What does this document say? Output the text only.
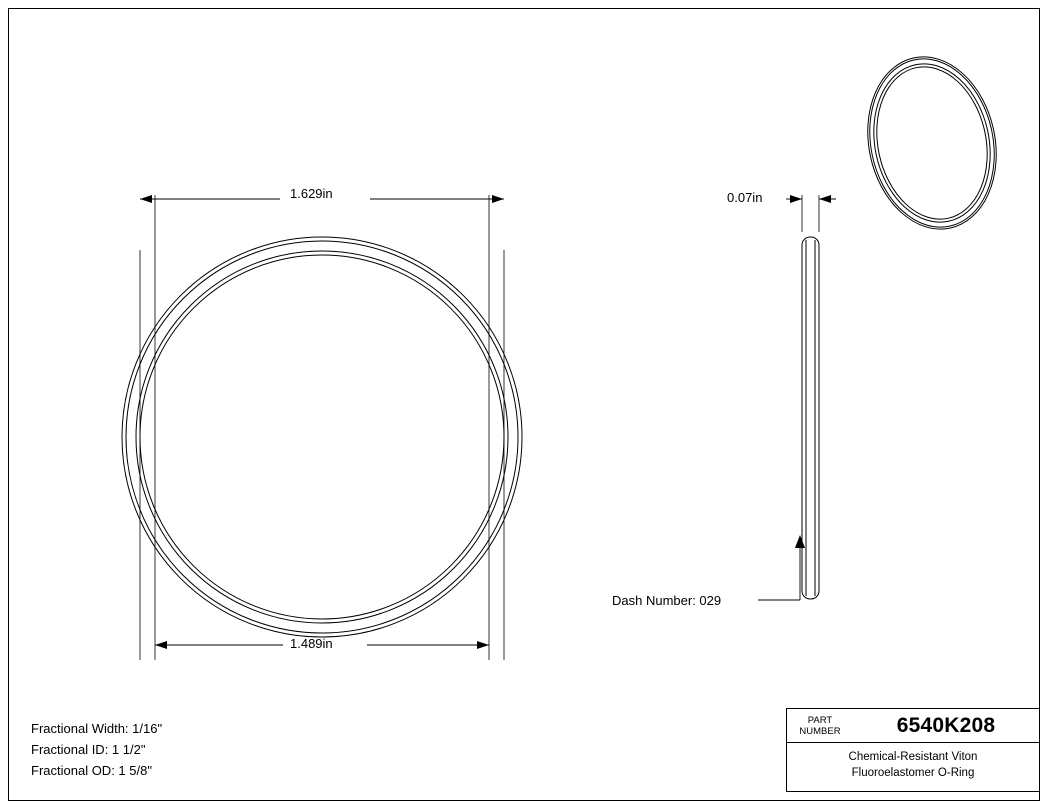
1.629in
1.489in
0.07in
Dash Number: 029
Fractional Width: 1/16"
Fractional ID: 1 1/2"
Fractional OD: 1 5/8"
PART
NUMBER	6540K208
Chemical-Resistant Viton
Fluoroelastomer O-Ring
